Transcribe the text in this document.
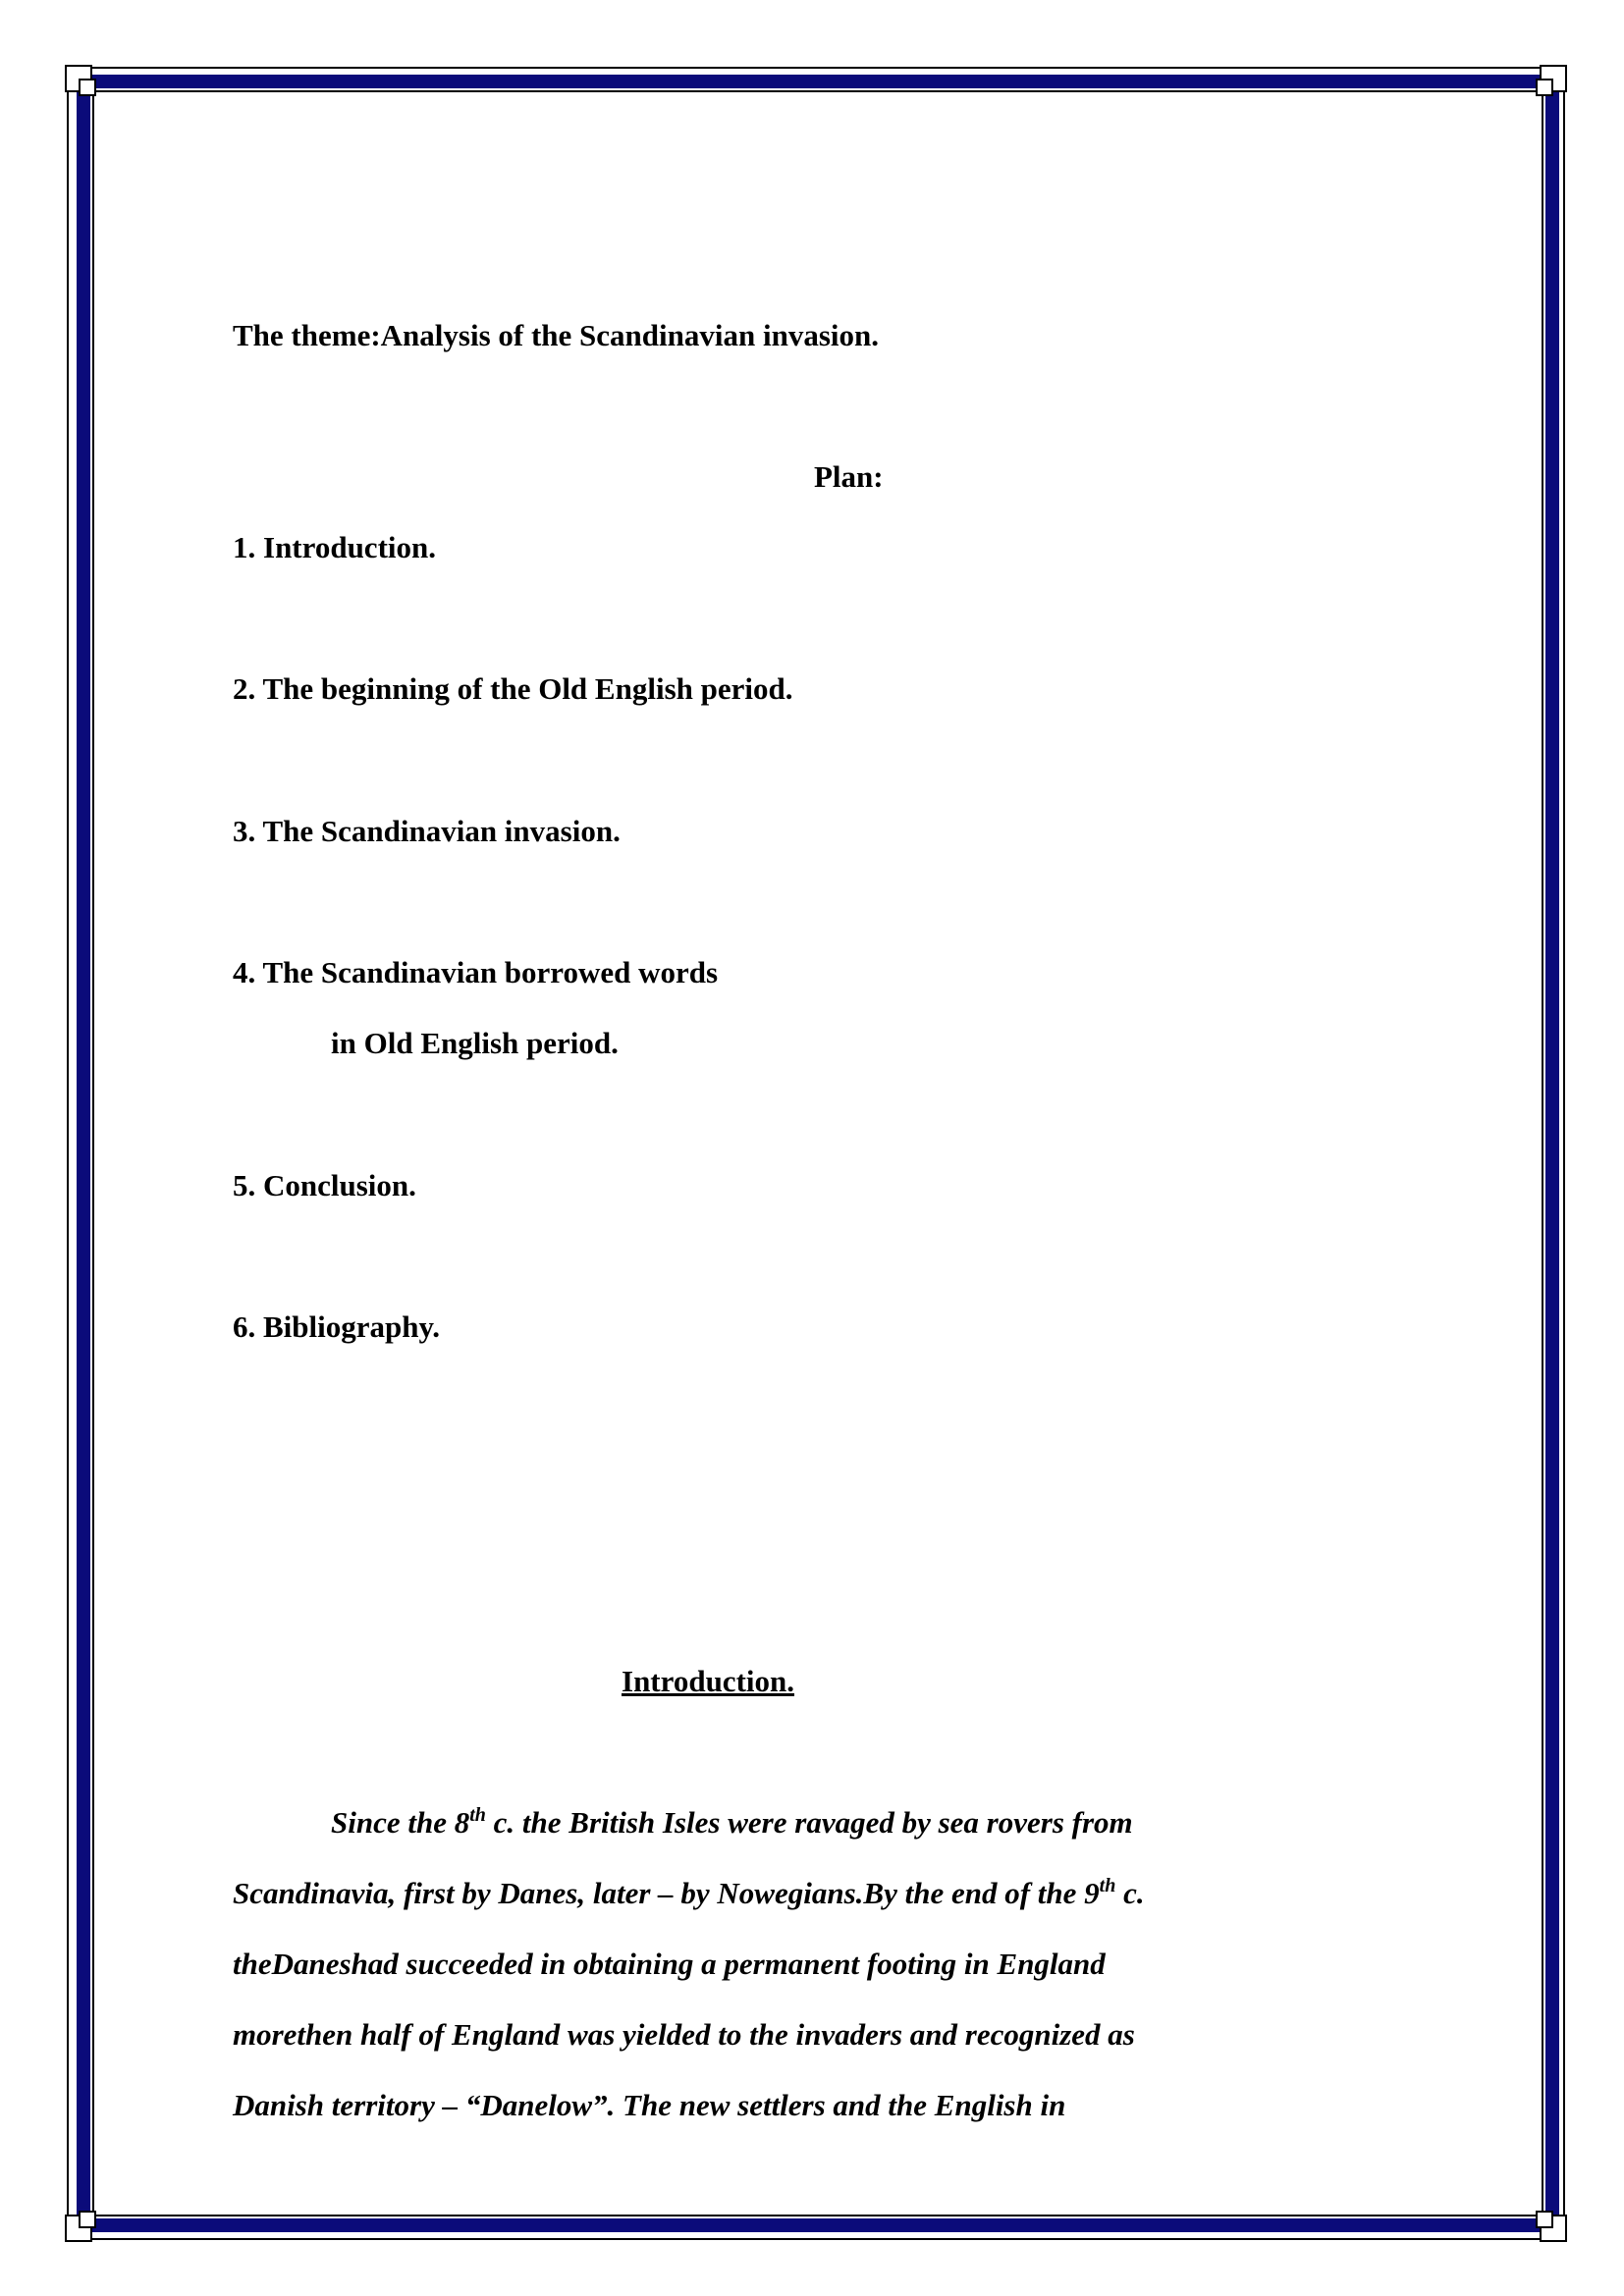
The theme:Analysis of the Scandinavian invasion.
Plan:
1. Introduction.
2. The beginning of the Old English period.
3. The Scandinavian invasion.
4. The Scandinavian borrowed words
in Old English period.
5. Conclusion.
6. Bibliography.
Introduction.
Since the 8th c. the British Isles were ravaged by sea rovers from
Scandinavia, first by Danes, later – by Nowegians.By the end of the 9th c.
theDaneshad succeeded in obtaining a permanent footing in England
morethen half of England was yielded to the invaders and recognized as
Danish territory – “Danelow”. The new settlers and the English in
